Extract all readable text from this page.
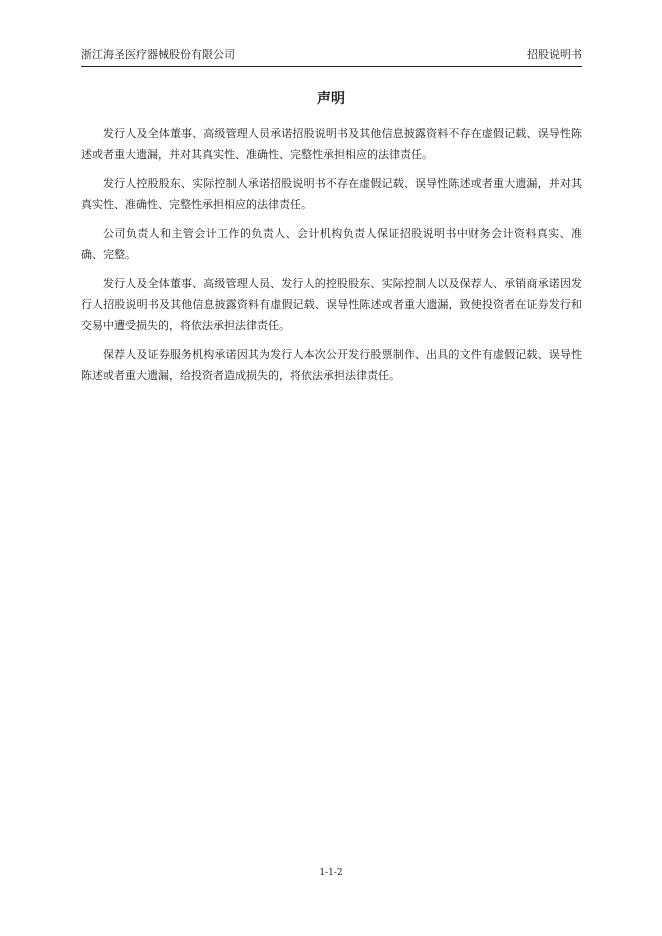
浙江海圣医疗器械股份有限公司	招股说明书
声明

发行人及全体董事、高级管理人员承诺招股说明书及其他信息披露资料不存在虚假记载、误导性陈述或者重大遗漏，并对其真实性、准确性、完整性承担相应的法律责任。

发行人控股股东、实际控制人承诺招股说明书不存在虚假记载、误导性陈述或者重大遗漏，并对其真实性、准确性、完整性承担相应的法律责任。

公司负责人和主管会计工作的负责人、会计机构负责人保证招股说明书中财务会计资料真实、准确、完整。

发行人及全体董事、高级管理人员、发行人的控股股东、实际控制人以及保荐人、承销商承诺因发行人招股说明书及其他信息披露资料有虚假记载、误导性陈述或者重大遗漏，致使投资者在证券发行和交易中遭受损失的，将依法承担法律责任。

保荐人及证券服务机构承诺因其为发行人本次公开发行股票制作、出具的文件有虚假记载、误导性陈述或者重大遗漏，给投资者造成损失的，将依法承担法律责任。

1-1-2
